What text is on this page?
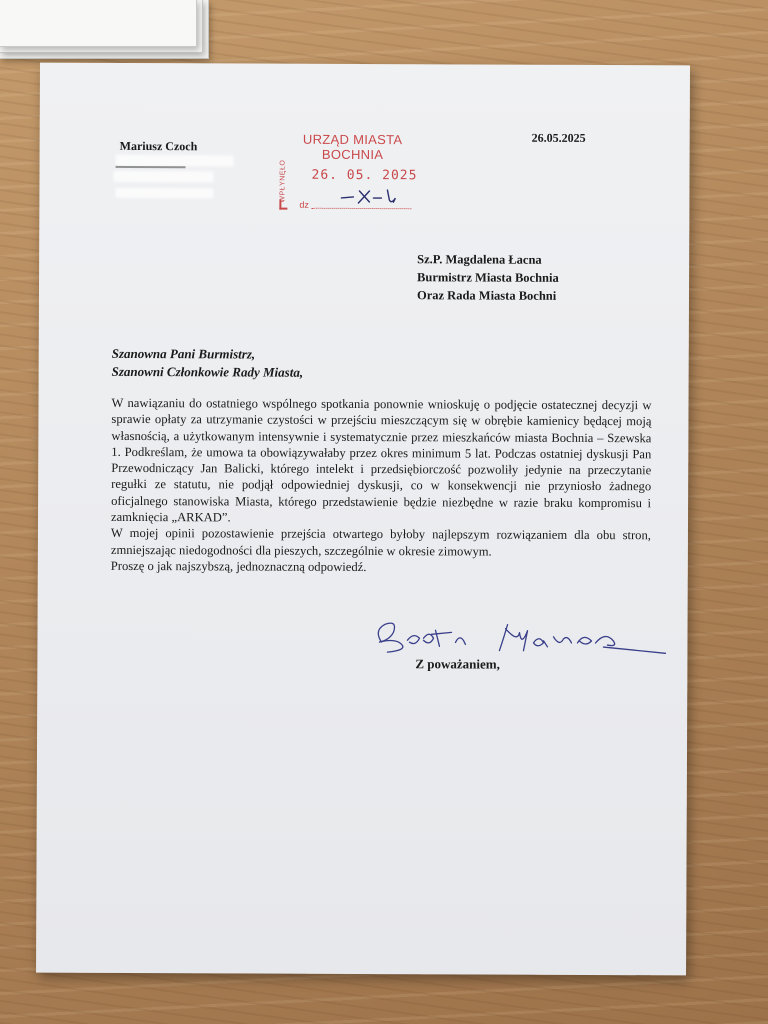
Mariusz Czoch
26.05.2025
URZĄD MIASTA
BOCHNIA
WPŁYNĘŁO 26. 05. 2025
dz
Sz.P. Magdalena Łacna
Burmistrz Miasta Bochnia
Oraz Rada Miasta Bochni
Szanowna Pani Burmistrz,
Szanowni Członkowie Rady Miasta,

W nawiązaniu do ostatniego wspólnego spotkania ponownie wnioskuję o podjęcie ostatecznej decyzji w sprawie opłaty za utrzymanie czystości w przejściu mieszczącym się w obrębie kamienicy będącej moją własnością, a użytkowanym intensywnie i systematycznie przez mieszkańców miasta Bochnia – Szewska 1. Podkreślam, że umowa ta obowiązywałaby przez okres minimum 5 lat. Podczas ostatniej dyskusji Pan Przewodniczący Jan Balicki, którego intelekt i przedsiębiorczość pozwoliły jedynie na przeczytanie regułki ze statutu, nie podjął odpowiedniej dyskusji, co w konsekwencji nie przyniosło żadnego oficjalnego stanowiska Miasta, którego przedstawienie będzie niezbędne w razie braku kompromisu i zamknięcia „ARKAD”.

W mojej opinii pozostawienie przejścia otwartego byłoby najlepszym rozwiązaniem dla obu stron, zmniejszając niedogodności dla pieszych, szczególnie w okresie zimowym.

Proszę o jak najszybszą, jednoznaczną odpowiedź.

Z poważaniem,
